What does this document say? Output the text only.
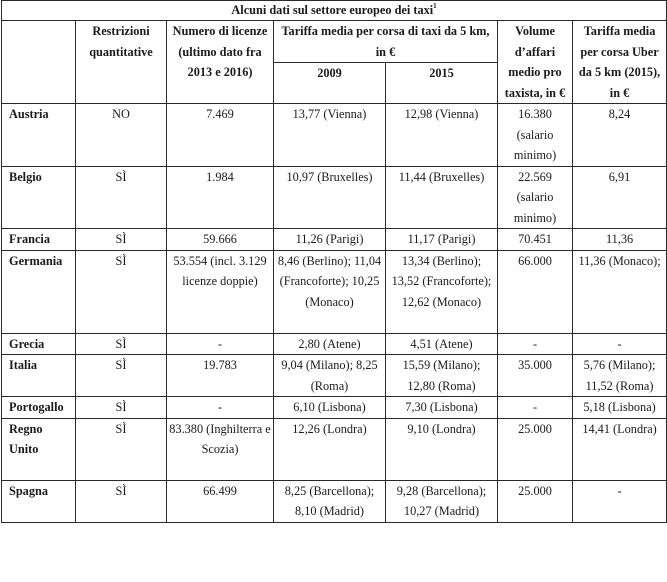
Alcuni dati sul settore europeo dei taxi$^1$
	Restrizioni quantitative	Numero di licenze (ultimo dato fra 2013 e 2016)	Tariffa media per corsa di taxi da 5 km, in €		Volume d’affari medio pro taxista, in €	Tariffa media per corsa Uber da 5 km (2015), in €
			2009	2015		
Austria	NO	7.469	13,77 (Vienna)	12,98 (Vienna)	16.380 (salario minimo)	8,24
Belgio	SÌ	1.984	10,97 (Bruxelles)	11,44 (Bruxelles)	22.569 (salario minimo)	6,91
Francia	SÌ	59.666	11,26 (Parigi)	11,17 (Parigi)	70.451	11,36
Germania	SÌ	53.554 (incl. 3.129 licenze doppie)	8,46 (Berlino); 11,04 (Francoforte); 10,25 (Monaco)	13,34 (Berlino); 13,52 (Francoforte); 12,62 (Monaco)	66.000	11,36 (Monaco);
Grecia	SÌ	-	2,80 (Atene)	4,51 (Atene)	-	-
Italia	SÌ	19.783	9,04 (Milano); 8,25 (Roma)	15,59 (Milano); 12,80 (Roma)	35.000	5,76 (Milano); 11,52 (Roma)
Portogallo	SÌ	-	6,10 (Lisbona)	7,30 (Lisbona)	-	5,18 (Lisbona)
Regno Unito	SÌ	83.380 (Inghilterra e Scozia)	12,26 (Londra)	9,10 (Londra)	25.000	14,41 (Londra)
Spagna	SÌ	66.499	8,25 (Barcellona); 8,10 (Madrid)	9,28 (Barcellona); 10,27 (Madrid)	25.000	-
